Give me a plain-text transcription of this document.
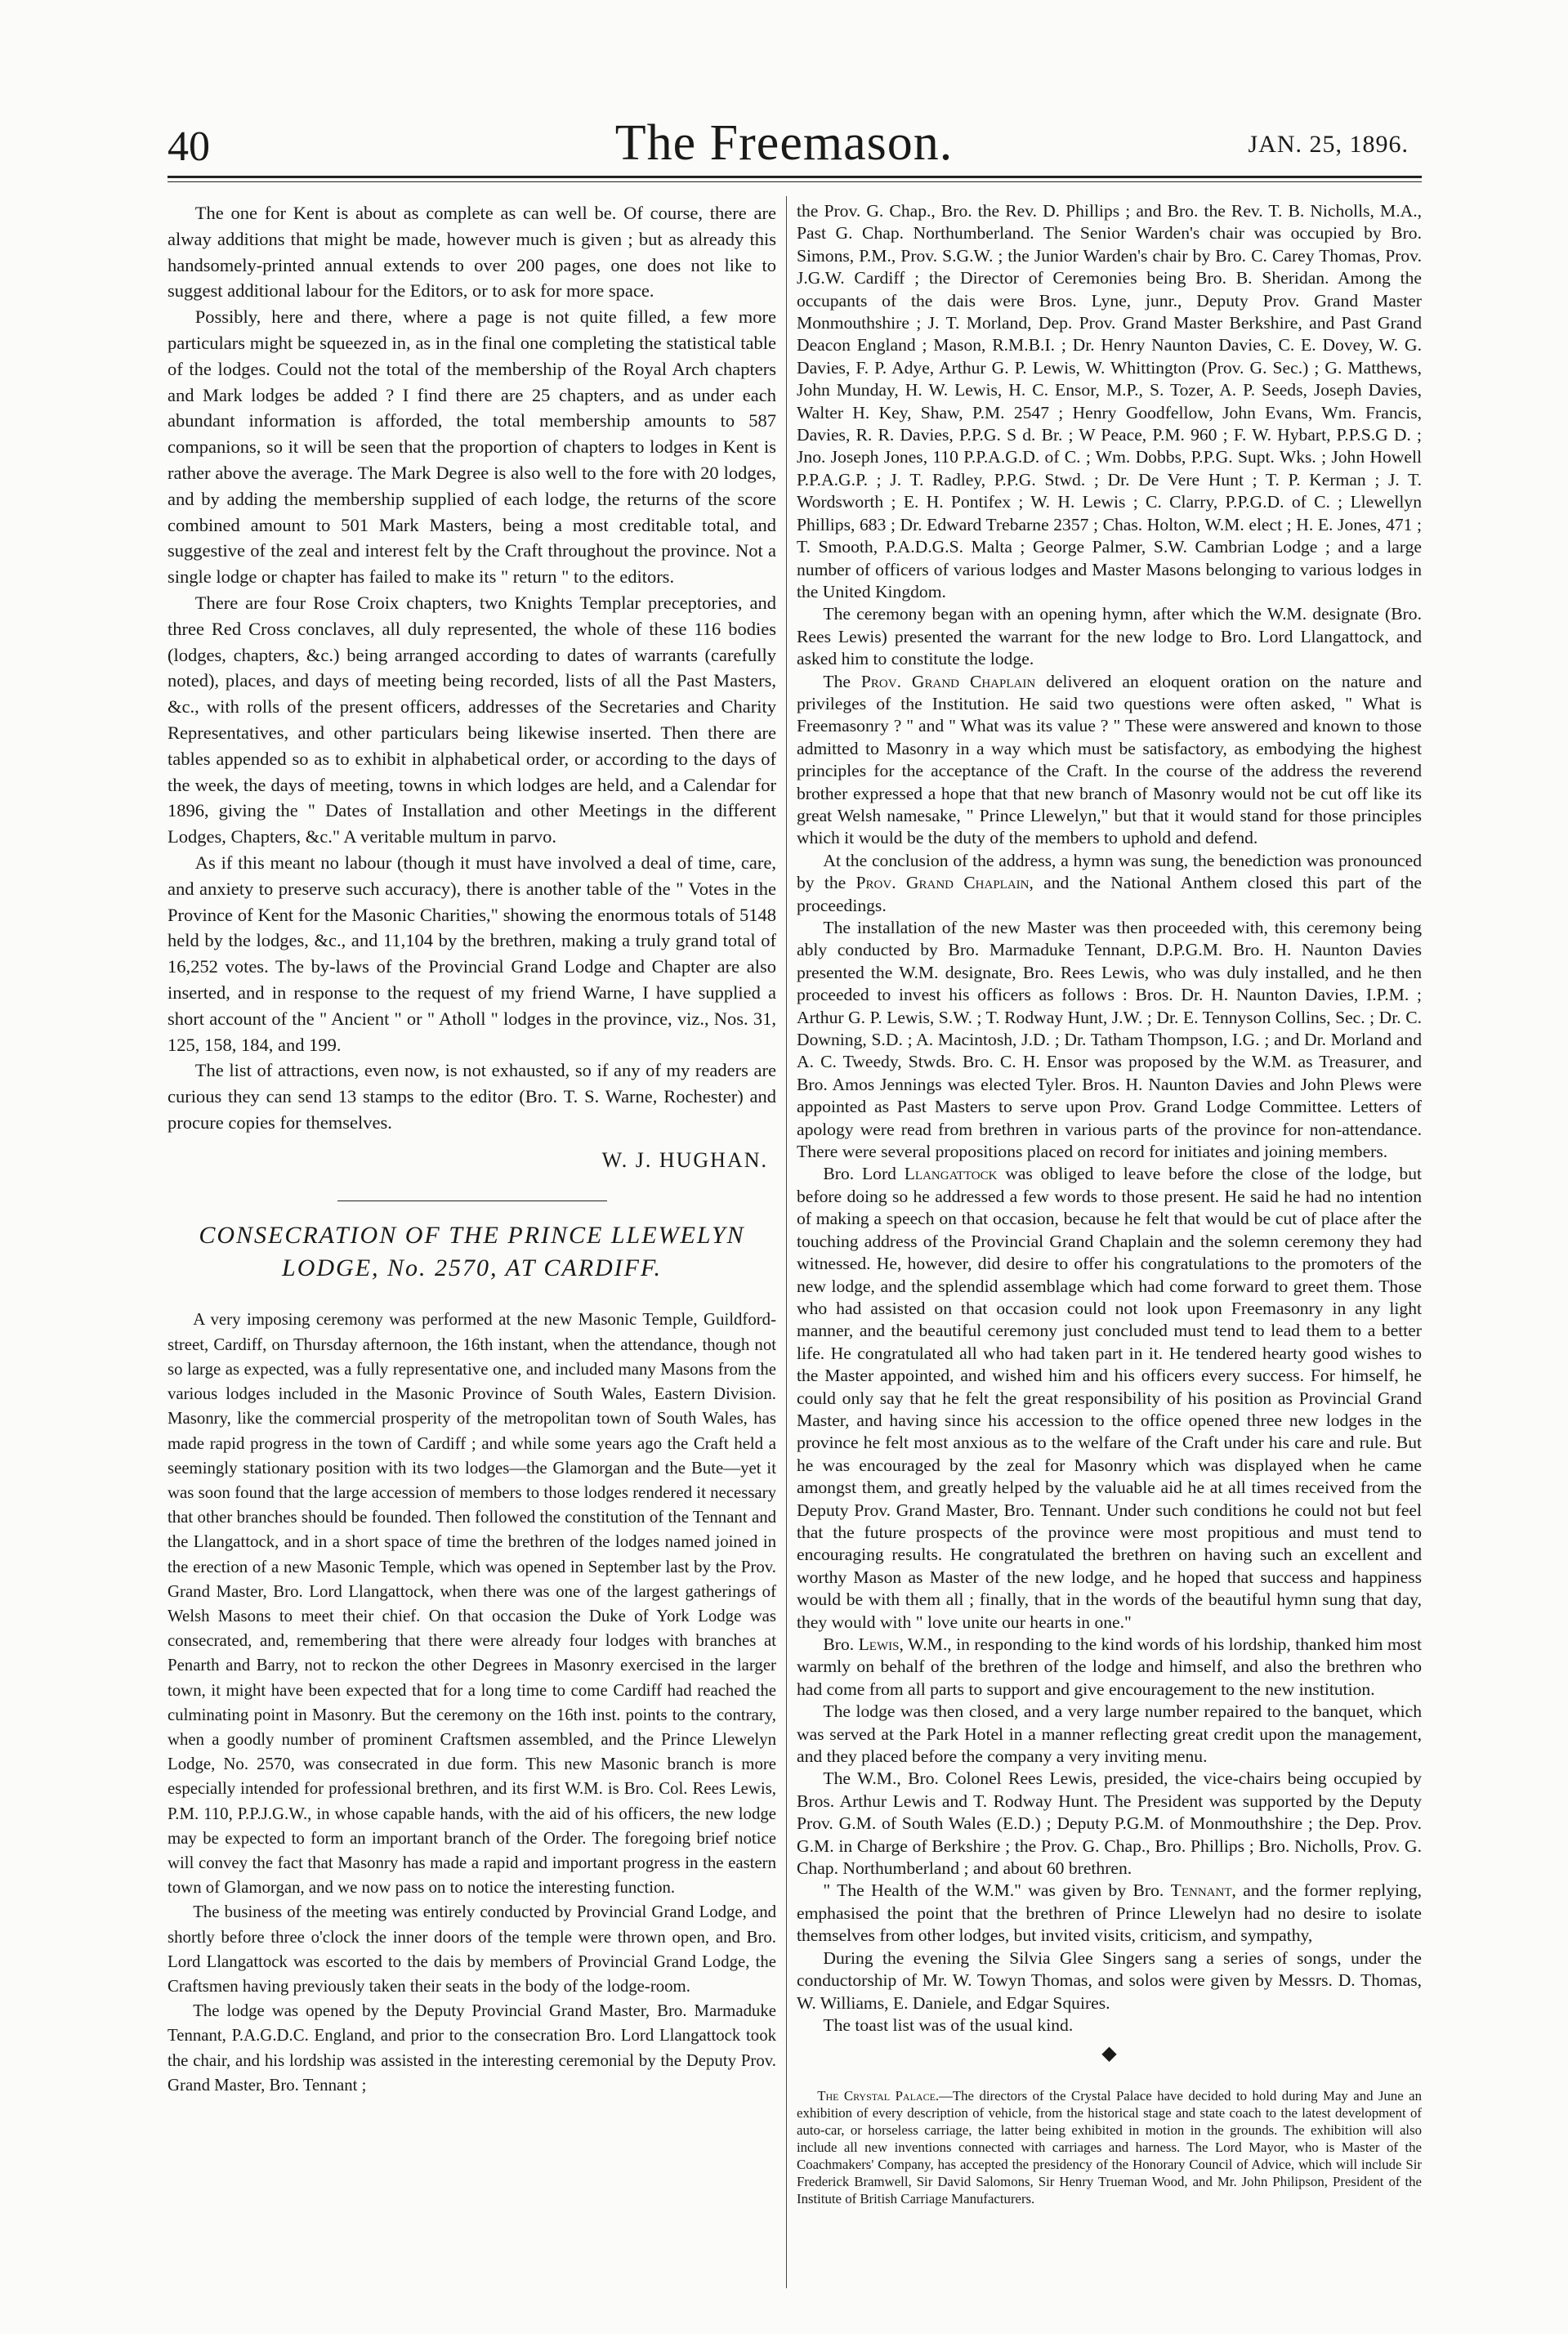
40	The Freemason.	JAN. 25, 1896.

The one for Kent is about as complete as can well be. Of course, there are alway additions that might be made, however much is given ; but as already this handsomely-printed annual extends to over 200 pages, one does not like to suggest additional labour for the Editors, or to ask for more space.

Possibly, here and there, where a page is not quite filled, a few more particulars might be squeezed in, as in the final one completing the statistical table of the lodges. Could not the total of the membership of the Royal Arch chapters and Mark lodges be added ? I find there are 25 chapters, and as under each abundant information is afforded, the total membership amounts to 587 companions, so it will be seen that the proportion of chapters to lodges in Kent is rather above the average. The Mark Degree is also well to the fore with 20 lodges, and by adding the membership supplied of each lodge, the returns of the score combined amount to 501 Mark Masters, being a most creditable total, and suggestive of the zeal and interest felt by the Craft throughout the province. Not a single lodge or chapter has failed to make its " return " to the editors.

There are four Rose Croix chapters, two Knights Templar preceptories, and three Red Cross conclaves, all duly represented, the whole of these 116 bodies (lodges, chapters, &c.) being arranged according to dates of warrants (carefully noted), places, and days of meeting being recorded, lists of all the Past Masters, &c., with rolls of the present officers, addresses of the Secretaries and Charity Representatives, and other particulars being likewise inserted. Then there are tables appended so as to exhibit in alphabetical order, or according to the days of the week, the days of meeting, towns in which lodges are held, and a Calendar for 1896, giving the " Dates of Installation and other Meetings in the different Lodges, Chapters, &c." A veritable multum in parvo.

As if this meant no labour (though it must have involved a deal of time, care, and anxiety to preserve such accuracy), there is another table of the " Votes in the Province of Kent for the Masonic Charities," showing the enormous totals of 5148 held by the lodges, &c., and 11,104 by the brethren, making a truly grand total of 16,252 votes. The by-laws of the Provincial Grand Lodge and Chapter are also inserted, and in response to the request of my friend Warne, I have supplied a short account of the " Ancient " or " Atholl " lodges in the province, viz., Nos. 31, 125, 158, 184, and 199.

The list of attractions, even now, is not exhausted, so if any of my readers are curious they can send 13 stamps to the editor (Bro. T. S. Warne, Rochester) and procure copies for themselves.

W. J. HUGHAN.
CONSECRATION OF THE PRINCE LLEWELYN
LODGE, No. 2570, AT CARDIFF.

A very imposing ceremony was performed at the new Masonic Temple, Guildford-street, Cardiff, on Thursday afternoon, the 16th instant, when the attendance, though not so large as expected, was a fully representative one, and included many Masons from the various lodges included in the Masonic Province of South Wales, Eastern Division. Masonry, like the commercial prosperity of the metropolitan town of South Wales, has made rapid progress in the town of Cardiff ; and while some years ago the Craft held a seemingly stationary position with its two lodges—the Glamorgan and the Bute—yet it was soon found that the large accession of members to those lodges rendered it necessary that other branches should be founded. Then followed the constitution of the Tennant and the Llangattock, and in a short space of time the brethren of the lodges named joined in the erection of a new Masonic Temple, which was opened in September last by the Prov. Grand Master, Bro. Lord Llangattock, when there was one of the largest gatherings of Welsh Masons to meet their chief. On that occasion the Duke of York Lodge was consecrated, and, remembering that there were already four lodges with branches at Penarth and Barry, not to reckon the other Degrees in Masonry exercised in the larger town, it might have been expected that for a long time to come Cardiff had reached the culminating point in Masonry. But the ceremony on the 16th inst. points to the contrary, when a goodly number of prominent Craftsmen assembled, and the Prince Llewelyn Lodge, No. 2570, was consecrated in due form. This new Masonic branch is more especially intended for professional brethren, and its first W.M. is Bro. Col. Rees Lewis, P.M. 110, P.P.J.G.W., in whose capable hands, with the aid of his officers, the new lodge may be expected to form an important branch of the Order. The foregoing brief notice will convey the fact that Masonry has made a rapid and important progress in the eastern town of Glamorgan, and we now pass on to notice the interesting function.

The business of the meeting was entirely conducted by Provincial Grand Lodge, and shortly before three o'clock the inner doors of the temple were thrown open, and Bro. Lord Llangattock was escorted to the dais by members of Provincial Grand Lodge, the Craftsmen having previously taken their seats in the body of the lodge-room.

The lodge was opened by the Deputy Provincial Grand Master, Bro. Marmaduke Tennant, P.A.G.D.C. England, and prior to the consecration Bro. Lord Llangattock took the chair, and his lordship was assisted in the interesting ceremonial by the Deputy Prov. Grand Master, Bro. Tennant ;

the Prov. G. Chap., Bro. the Rev. D. Phillips ; and Bro. the Rev. T. B. Nicholls, M.A., Past G. Chap. Northumberland. The Senior Warden's chair was occupied by Bro. Simons, P.M., Prov. S.G.W. ; the Junior Warden's chair by Bro. C. Carey Thomas, Prov. J.G.W. Cardiff ; the Director of Ceremonies being Bro. B. Sheridan. Among the occupants of the dais were Bros. Lyne, junr., Deputy Prov. Grand Master Monmouthshire ; J. T. Morland, Dep. Prov. Grand Master Berkshire, and Past Grand Deacon England ; Mason, R.M.B.I. ; Dr. Henry Naunton Davies, C. E. Dovey, W. G. Davies, F. P. Adye, Arthur G. P. Lewis, W. Whittington (Prov. G. Sec.) ; G. Matthews, John Munday, H. W. Lewis, H. C. Ensor, M.P., S. Tozer, A. P. Seeds, Joseph Davies, Walter H. Key, Shaw, P.M. 2547 ; Henry Goodfellow, John Evans, Wm. Francis, Davies, R. R. Davies, P.P.G. S d. Br. ; W Peace, P.M. 960 ; F. W. Hybart, P.P.S.G D. ; Jno. Joseph Jones, 110 P.P.A.G.D. of C. ; Wm. Dobbs, P.P.G. Supt. Wks. ; John Howell P.P.A.G.P. ; J. T. Radley, P.P.G. Stwd. ; Dr. De Vere Hunt ; T. P. Kerman ; J. T. Wordsworth ; E. H. Pontifex ; W. H. Lewis ; C. Clarry, P.P.G.D. of C. ; Llewellyn Phillips, 683 ; Dr. Edward Trebarne 2357 ; Chas. Holton, W.M. elect ; H. E. Jones, 471 ; T. Smooth, P.A.D.G.S. Malta ; George Palmer, S.W. Cambrian Lodge ; and a large number of officers of various lodges and Master Masons belonging to various lodges in the United Kingdom.

The ceremony began with an opening hymn, after which the W.M. designate (Bro. Rees Lewis) presented the warrant for the new lodge to Bro. Lord Llangattock, and asked him to constitute the lodge.

The Prov. Grand Chaplain delivered an eloquent oration on the nature and privileges of the Institution. He said two questions were often asked, " What is Freemasonry ? " and " What was its value ? " These were answered and known to those admitted to Masonry in a way which must be satisfactory, as embodying the highest principles for the acceptance of the Craft. In the course of the address the reverend brother expressed a hope that that new branch of Masonry would not be cut off like its great Welsh namesake, " Prince Llewelyn," but that it would stand for those principles which it would be the duty of the members to uphold and defend.

At the conclusion of the address, a hymn was sung, the benediction was pronounced by the Prov. Grand Chaplain, and the National Anthem closed this part of the proceedings.

The installation of the new Master was then proceeded with, this ceremony being ably conducted by Bro. Marmaduke Tennant, D.P.G.M. Bro. H. Naunton Davies presented the W.M. designate, Bro. Rees Lewis, who was duly installed, and he then proceeded to invest his officers as follows : Bros. Dr. H. Naunton Davies, I.P.M. ; Arthur G. P. Lewis, S.W. ; T. Rodway Hunt, J.W. ; Dr. E. Tennyson Collins, Sec. ; Dr. C. Downing, S.D. ; A. Macintosh, J.D. ; Dr. Tatham Thompson, I.G. ; and Dr. Morland and A. C. Tweedy, Stwds. Bro. C. H. Ensor was proposed by the W.M. as Treasurer, and Bro. Amos Jennings was elected Tyler. Bros. H. Naunton Davies and John Plews were appointed as Past Masters to serve upon Prov. Grand Lodge Committee. Letters of apology were read from brethren in various parts of the province for non-attendance. There were several propositions placed on record for initiates and joining members.

Bro. Lord Llangattock was obliged to leave before the close of the lodge, but before doing so he addressed a few words to those present. He said he had no intention of making a speech on that occasion, because he felt that would be cut of place after the touching address of the Provincial Grand Chaplain and the solemn ceremony they had witnessed. He, however, did desire to offer his congratulations to the promoters of the new lodge, and the splendid assemblage which had come forward to greet them. Those who had assisted on that occasion could not look upon Freemasonry in any light manner, and the beautiful ceremony just concluded must tend to lead them to a better life. He congratulated all who had taken part in it. He tendered hearty good wishes to the Master appointed, and wished him and his officers every success. For himself, he could only say that he felt the great responsibility of his position as Provincial Grand Master, and having since his accession to the office opened three new lodges in the province he felt most anxious as to the welfare of the Craft under his care and rule. But he was encouraged by the zeal for Masonry which was displayed when he came amongst them, and greatly helped by the valuable aid he at all times received from the Deputy Prov. Grand Master, Bro. Tennant. Under such conditions he could not but feel that the future prospects of the province were most propitious and must tend to encouraging results. He congratulated the brethren on having such an excellent and worthy Mason as Master of the new lodge, and he hoped that success and happiness would be with them all ; finally, that in the words of the beautiful hymn sung that day, they would with " love unite our hearts in one."

Bro. Lewis, W.M., in responding to the kind words of his lordship, thanked him most warmly on behalf of the brethren of the lodge and himself, and also the brethren who had come from all parts to support and give encouragement to the new institution.

The lodge was then closed, and a very large number repaired to the banquet, which was served at the Park Hotel in a manner reflecting great credit upon the management, and they placed before the company a very inviting menu.

The W.M., Bro. Colonel Rees Lewis, presided, the vice-chairs being occupied by Bros. Arthur Lewis and T. Rodway Hunt. The President was supported by the Deputy Prov. G.M. of South Wales (E.D.) ; Deputy P.G.M. of Monmouthshire ; the Dep. Prov. G.M. in Charge of Berkshire ; the Prov. G. Chap., Bro. Phillips ; Bro. Nicholls, Prov. G. Chap. Northumberland ; and about 60 brethren.

" The Health of the W.M." was given by Bro. Tennant, and the former replying, emphasised the point that the brethren of Prince Llewelyn had no desire to isolate themselves from other lodges, but invited visits, criticism, and sympathy,

During the evening the Silvia Glee Singers sang a series of songs, under the conductorship of Mr. W. Towyn Thomas, and solos were given by Messrs. D. Thomas, W. Williams, E. Daniele, and Edgar Squires.

The toast list was of the usual kind.

◆

The Crystal Palace.—The directors of the Crystal Palace have decided to hold during May and June an exhibition of every description of vehicle, from the historical stage and state coach to the latest development of auto-car, or horseless carriage, the latter being exhibited in motion in the grounds. The exhibition will also include all new inventions connected with carriages and harness. The Lord Mayor, who is Master of the Coachmakers' Company, has accepted the presidency of the Honorary Council of Advice, which will include Sir Frederick Bramwell, Sir David Salomons, Sir Henry Trueman Wood, and Mr. John Philipson, President of the Institute of British Carriage Manufacturers.
